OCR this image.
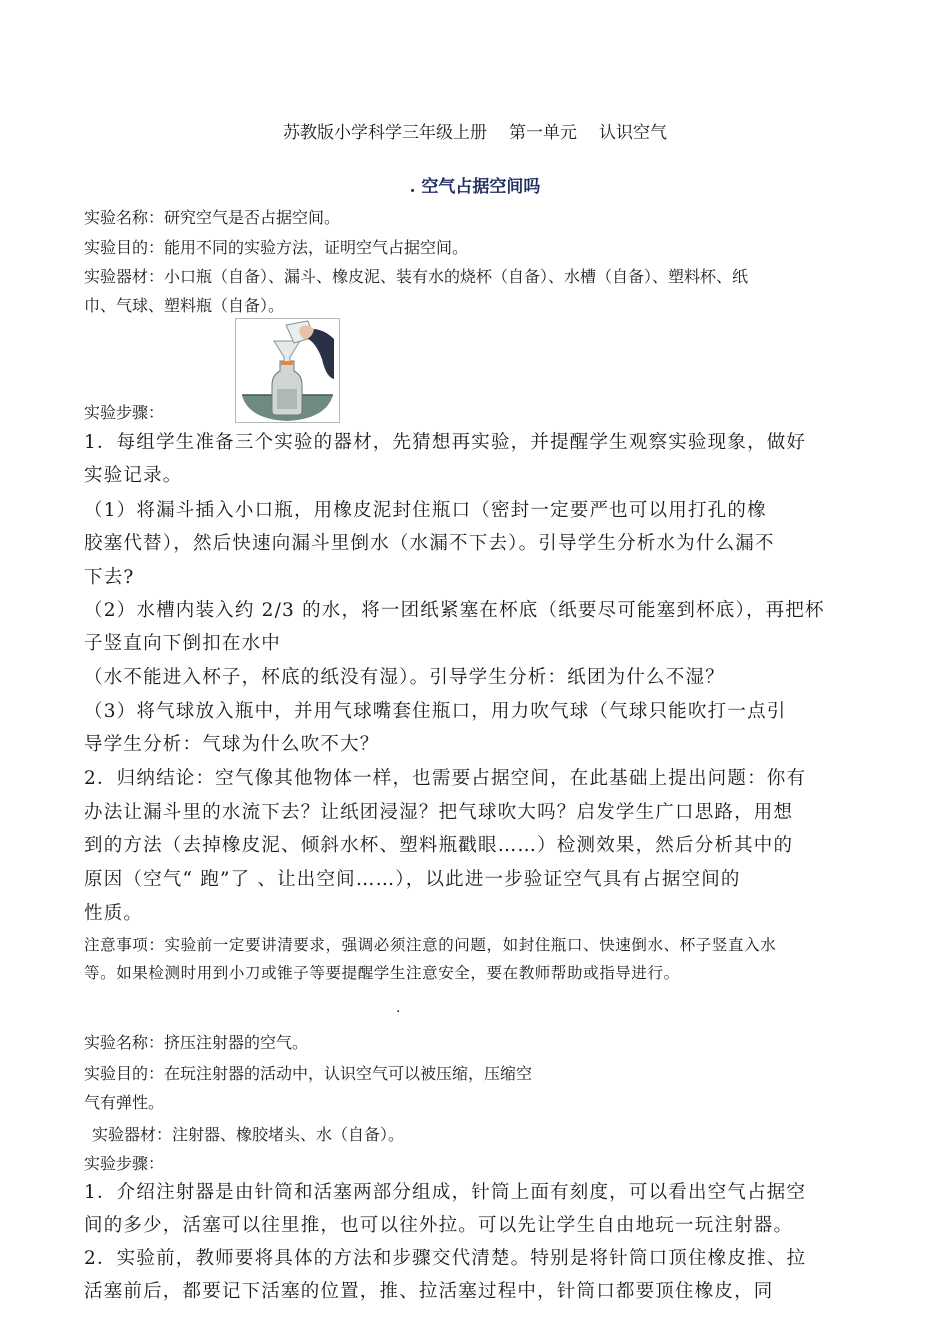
苏教版小学科学三年级上册 第一单元 认识空气
. 空气占据空间吗
实验名称：研究空气是否占据空间。
实验目的：能用不同的实验方法，证明空气占据空间。
实验器材：小口瓶（自备）、漏斗、橡皮泥、装有水的烧杯（自备）、水槽（自备）、塑料杯、纸
巾、气球、塑料瓶（自备）。
实验步骤：
1．每组学生准备三个实验的器材，先猜想再实验，并提醒学生观察实验现象，做好
实验记录。
（1）将漏斗插入小口瓶，用橡皮泥封住瓶口（密封一定要严也可以用打孔的橡
胶塞代替），然后快速向漏斗里倒水（水漏不下去）。引导学生分析水为什么漏不
下去?
（2）水槽内装入约 2/3 的水，将一团纸紧塞在杯底（纸要尽可能塞到杯底），再把杯
子竖直向下倒扣在水中
（水不能进入杯子，杯底的纸没有湿）。引导学生分析：纸团为什么不湿？
（3）将气球放入瓶中，并用气球嘴套住瓶口，用力吹气球（气球只能吹打一点引
导学生分析：气球为什么吹不大？
2．归纳结论：空气像其他物体一样，也需要占据空间，在此基础上提出问题：你有
办法让漏斗里的水流下去？让纸团浸湿？把气球吹大吗？启发学生广口思路，用想
到的方法（去掉橡皮泥、倾斜水杯、塑料瓶戳眼……）检测效果，然后分析其中的
原因（空气“ 跑”了 、让出空间……），以此进一步验证空气具有占据空间的
性质。
注意事项：实验前一定要讲清要求，强调必须注意的问题，如封住瓶口、快速倒水、杯子竖直入水
等。如果检测时用到小刀或锥子等要提醒学生注意安全，要在教师帮助或指导进行。
.
实验名称：挤压注射器的空气。
实验目的：在玩注射器的活动中，认识空气可以被压缩，压缩空
气有弹性。
实验器材：注射器、橡胶堵头、水（自备）。
实验步骤：
1．介绍注射器是由针筒和活塞两部分组成，针筒上面有刻度，可以看出空气占据空
间的多少，活塞可以往里推，也可以往外拉。可以先让学生自由地玩一玩注射器。
2．实验前，教师要将具体的方法和步骤交代清楚。特别是将针筒口顶住橡皮推、拉
活塞前后，都要记下活塞的位置，推、拉活塞过程中，针筒口都要顶住橡皮，同
